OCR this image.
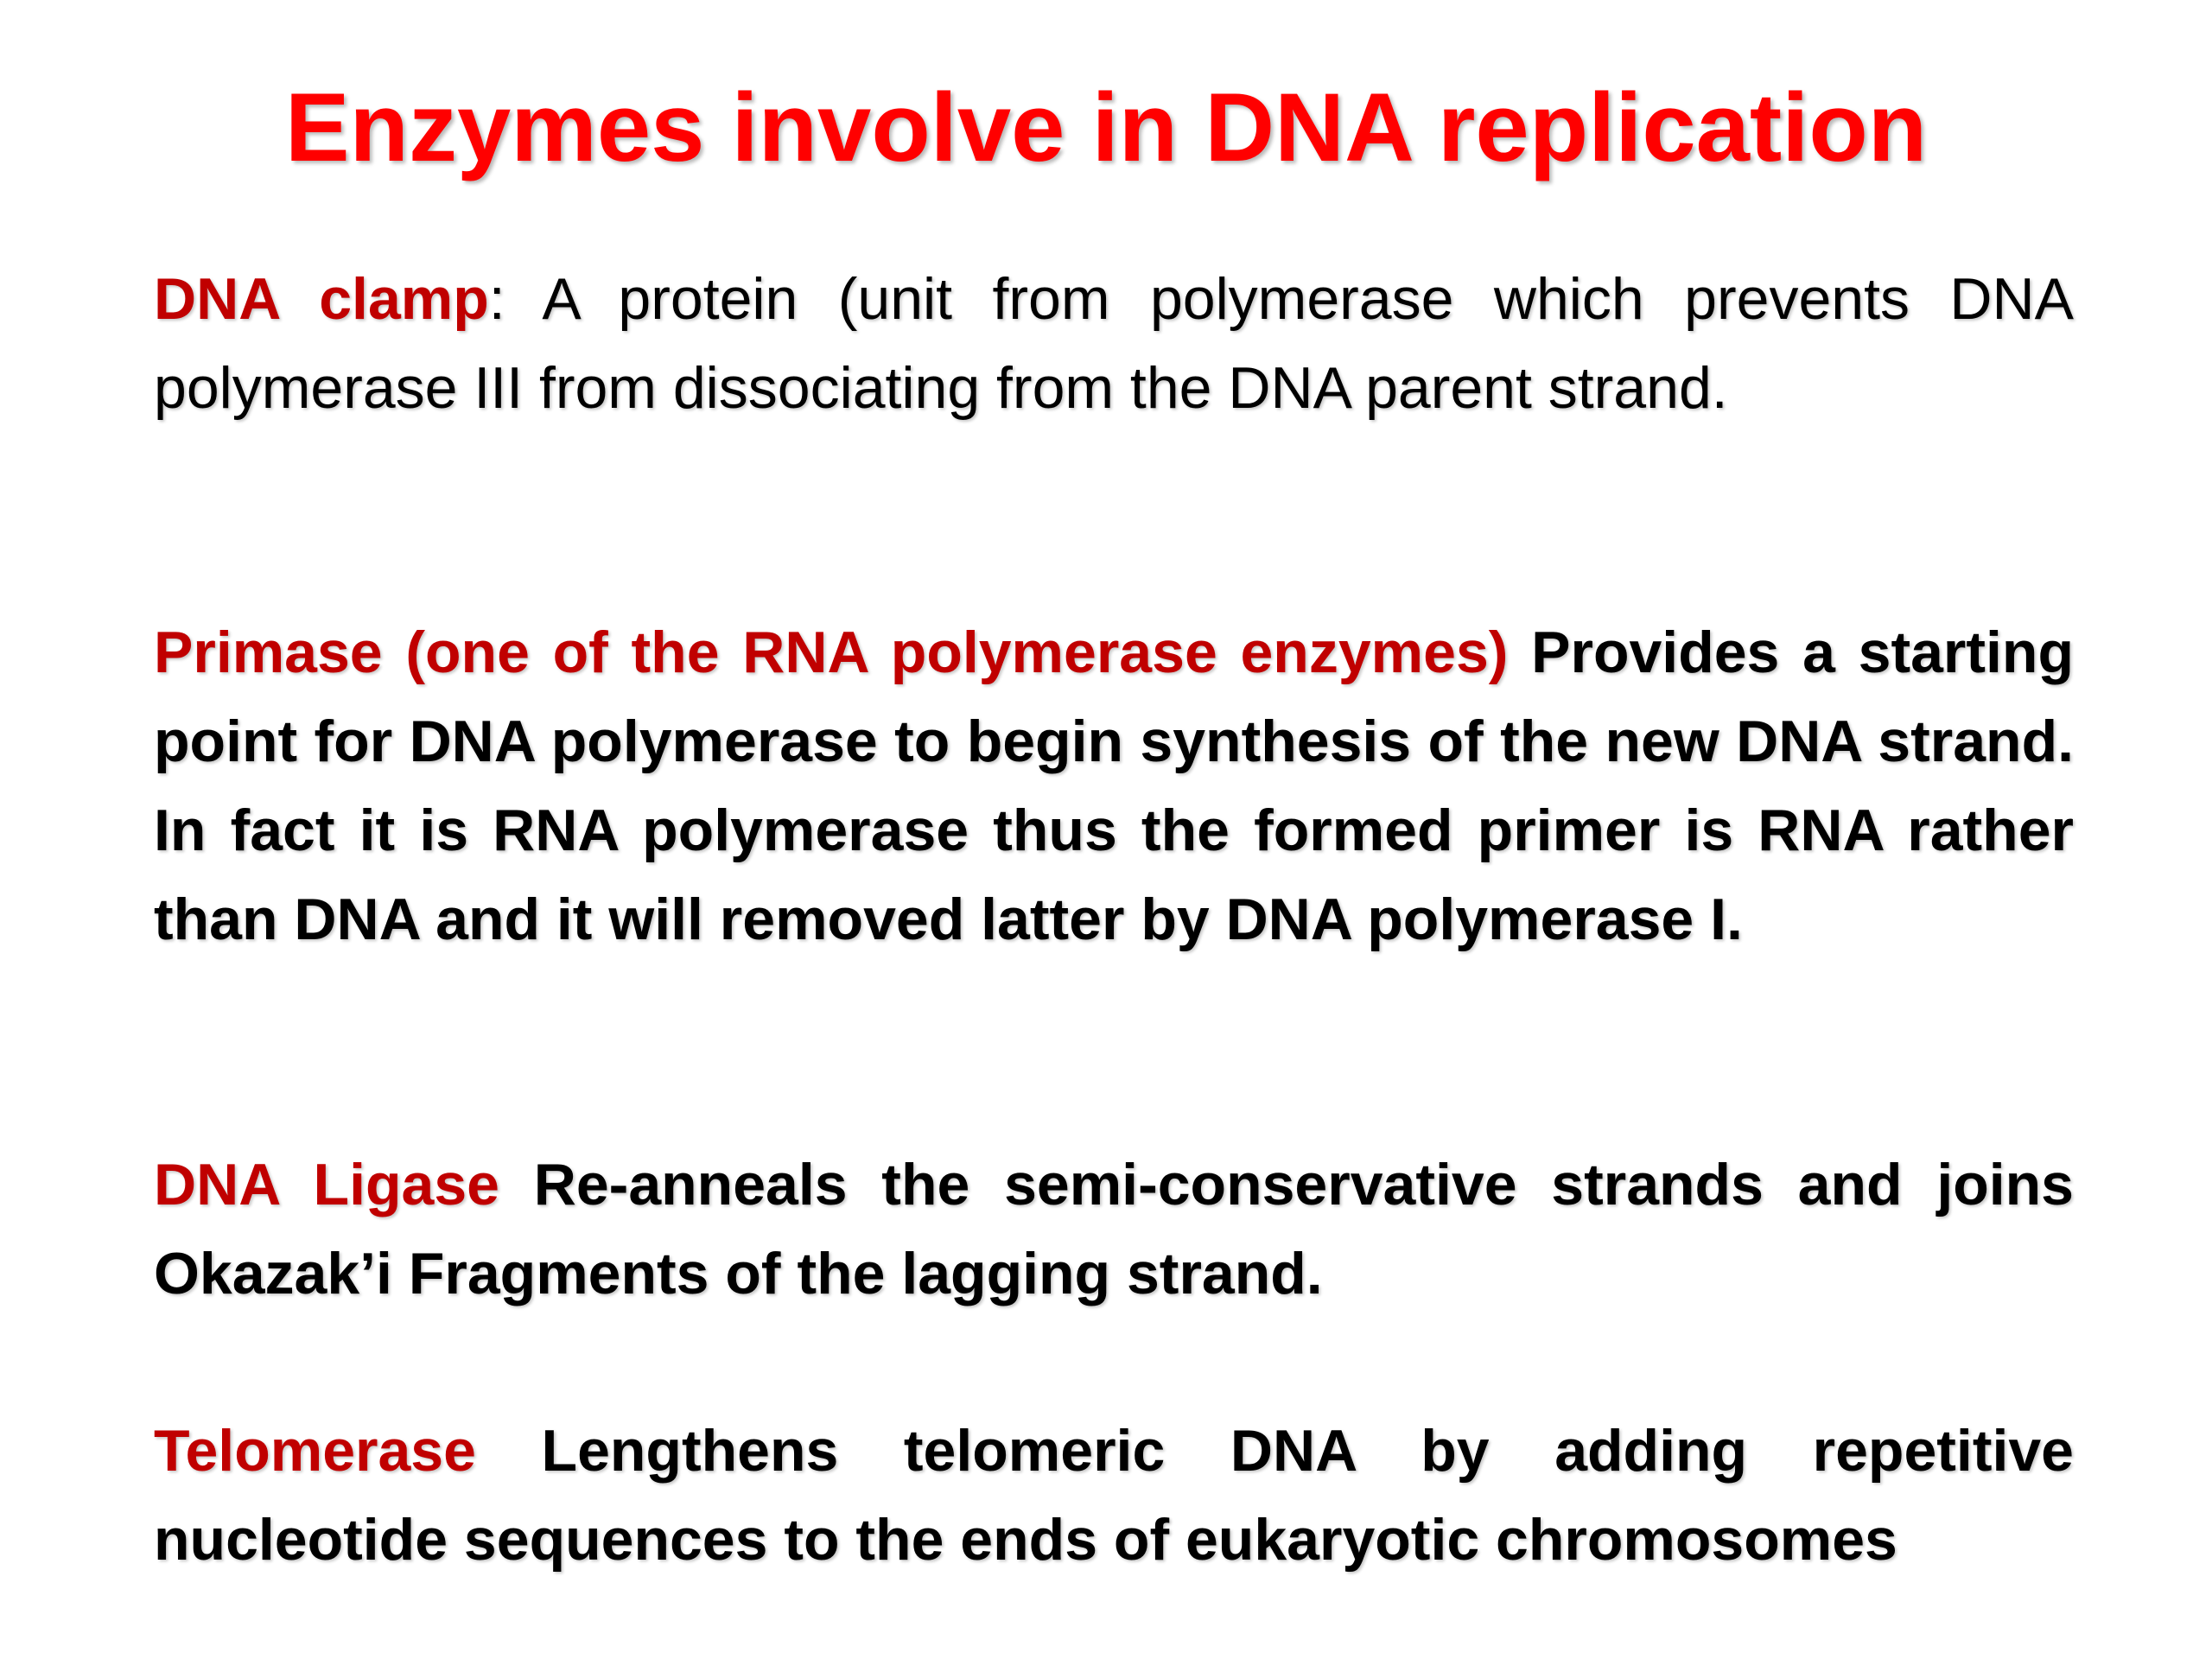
Enzymes involve in DNA replication

DNA clamp: A protein (unit from polymerase which prevents DNA polymerase III from dissociating from the DNA parent strand.

Primase (one of the RNA polymerase enzymes) Provides a starting point for DNA polymerase to begin synthesis of the new DNA strand. In fact it is RNA polymerase thus the formed primer is RNA rather than DNA and it will removed latter by DNA polymerase I.

DNA Ligase Re-anneals the semi-conservative strands and joins Okazak’i Fragments of the lagging strand.

Telomerase Lengthens telomeric DNA by adding repetitive nucleotide sequences to the ends of eukaryotic chromosomes
